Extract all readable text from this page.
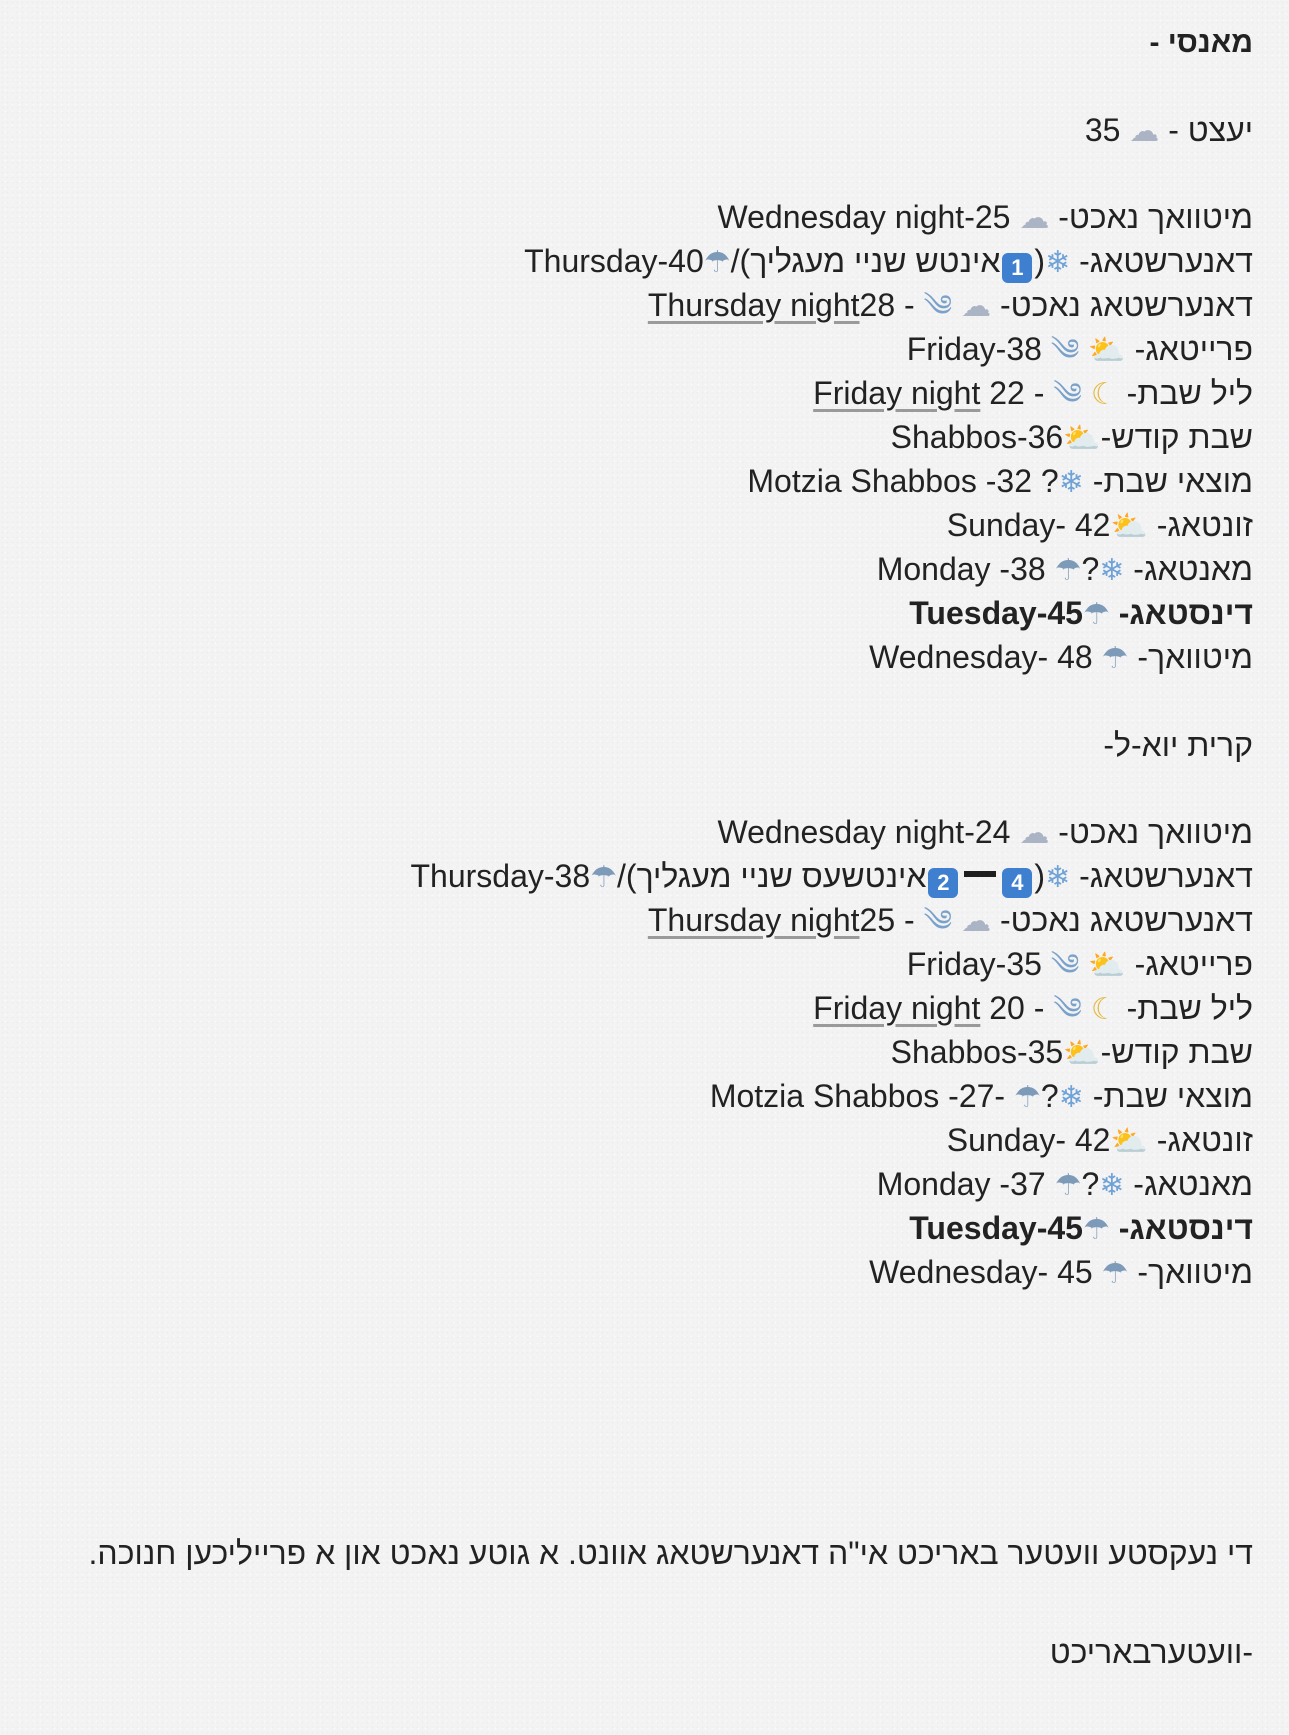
מאנסי -
יעצט - ☁ 35
מיטוואך נאכט- ☁ Wednesday night-25
דאנערשטאג- ❄(1אינטש שניי מעגליך)/☂Thursday-40
דאנערשטאג נאכט- ☁ ༄ 28 -Thursday night
פרייטאג- ⛅ ༄ Friday-38
ליל שבת- ☾ ༄ 22 - Friday night
שבת קודש-⛅Shabbos-36
מוצאי שבת- ❄? Motzia Shabbos -32
זונטאג- ⛅Sunday- 42
מאנטאג- ❄?☂ Monday -38
דינסטאג- ☂Tuesday-45
מיטוואך- ☂ Wednesday- 48
קרית יוא-ל-
מיטוואך נאכט- ☁ Wednesday night-24
דאנערשטאג- ❄(42אינטשעס שניי מעגליך)/☂Thursday-38
דאנערשטאג נאכט- ☁ ༄ 25 -Thursday night
פרייטאג- ⛅ ༄ Friday-35
ליל שבת- ☾ ༄ 20 - Friday night
שבת קודש-⛅Shabbos-35
מוצאי שבת- ❄?☂ Motzia Shabbos -27-
זונטאג- ⛅Sunday- 42
מאנטאג- ❄?☂ Monday -37
דינסטאג- ☂Tuesday-45
מיטוואך- ☂ Wednesday- 45
די נעקסטע וועטער באריכט אי"ה דאנערשטאג אוונט. א גוטע נאכט און א פרייליכען חנוכה.
-וועטערבאריכט
